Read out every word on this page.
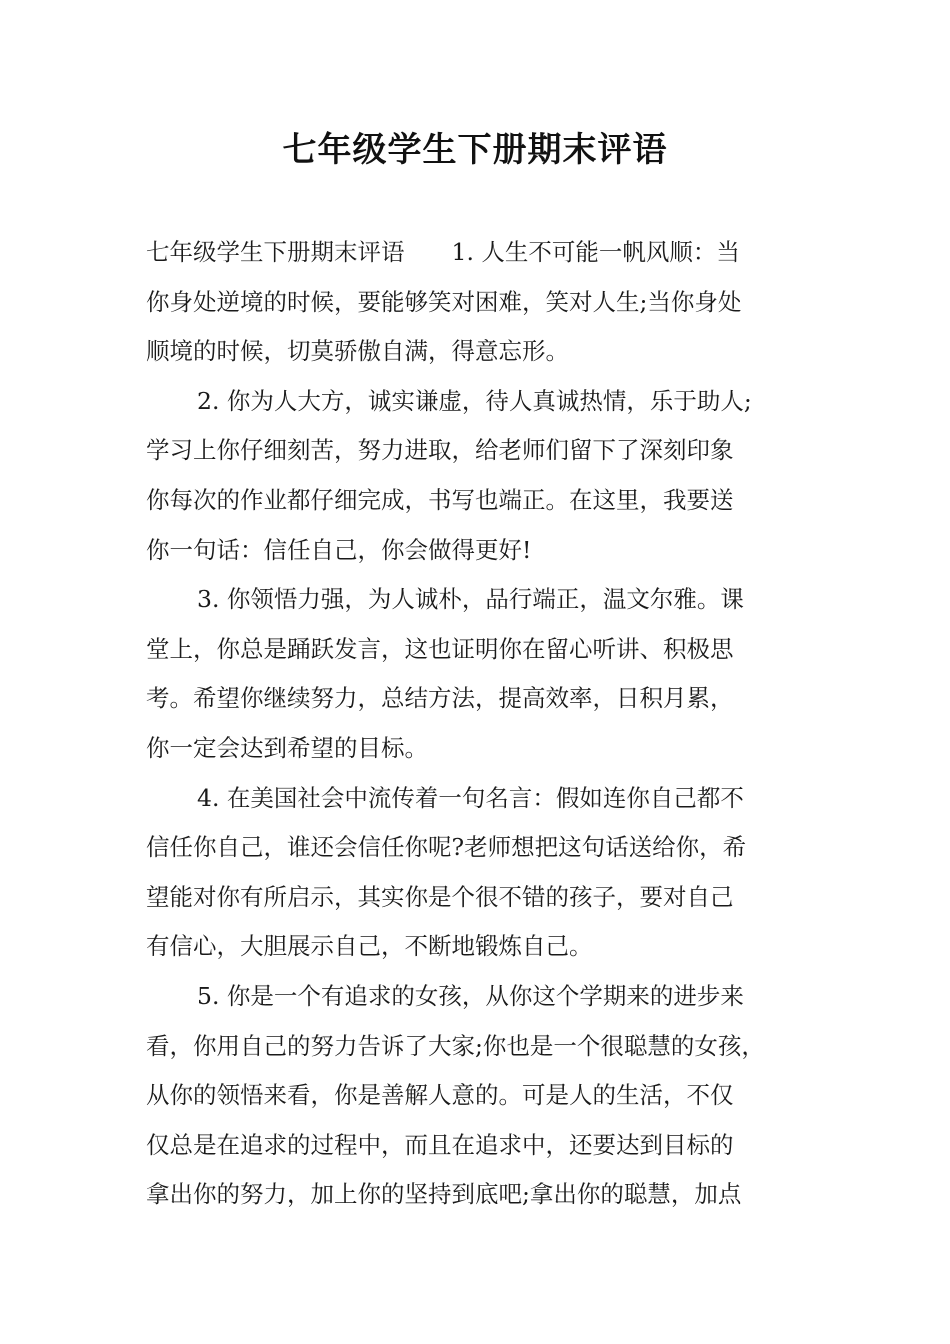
七年级学生下册期末评语
七年级学生下册期末评语　　1. 人生不可能一帆风顺：当
你身处逆境的时候，要能够笑对困难，笑对人生;当你身处
顺境的时候，切莫骄傲自满，得意忘形。
2. 你为人大方，诚实谦虚，待人真诚热情，乐于助人;
学习上你仔细刻苦，努力进取，给老师们留下了深刻印象
你每次的作业都仔细完成，书写也端正。在这里，我要送
你一句话：信任自己，你会做得更好!
3. 你领悟力强，为人诚朴，品行端正，温文尔雅。课
堂上，你总是踊跃发言，这也证明你在留心听讲、积极思
考。希望你继续努力，总结方法，提高效率，日积月累，
你一定会达到希望的目标。
4. 在美国社会中流传着一句名言：假如连你自己都不
信任你自己，谁还会信任你呢?老师想把这句话送给你，希
望能对你有所启示，其实你是个很不错的孩子，要对自己
有信心，大胆展示自己，不断地锻炼自己。
5. 你是一个有追求的女孩，从你这个学期来的进步来
看，你用自己的努力告诉了大家;你也是一个很聪慧的女孩，
从你的领悟来看，你是善解人意的。可是人的生活，不仅
仅总是在追求的过程中，而且在追求中，还要达到目标的
拿出你的努力，加上你的坚持到底吧;拿出你的聪慧，加点
